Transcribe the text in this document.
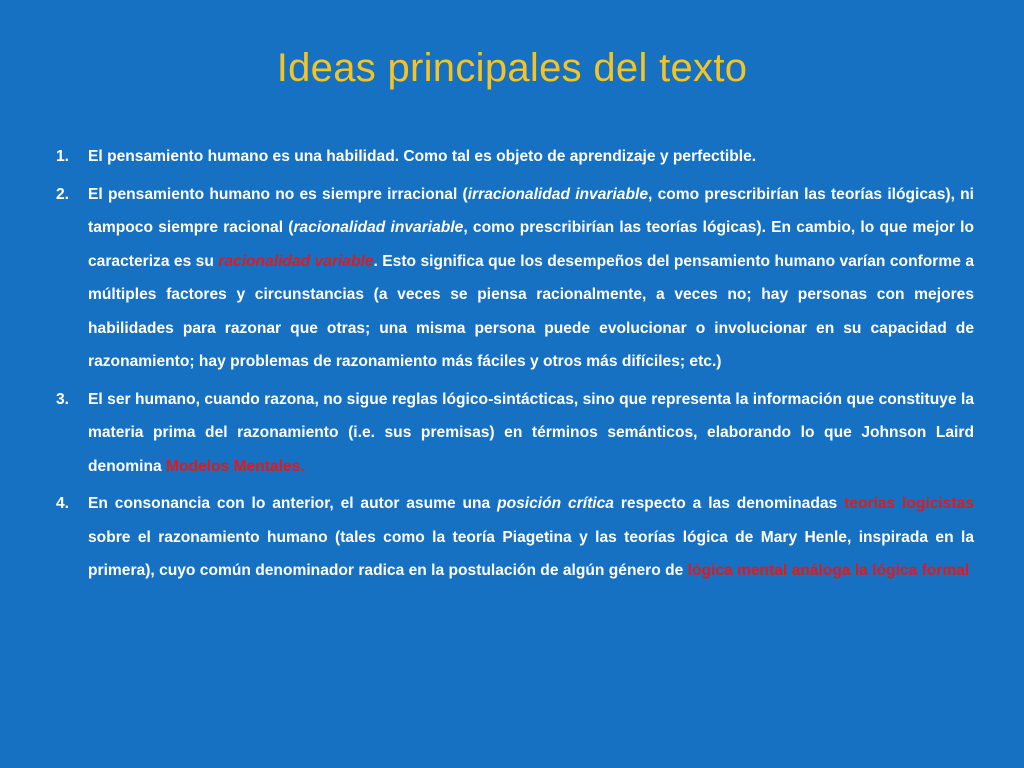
Ideas principales del texto
1.	El pensamiento humano es una habilidad. Como tal es objeto de aprendizaje y perfectible.
2.	El pensamiento humano no es siempre irracional (irracionalidad invariable, como prescribirían las teorías ilógicas), ni tampoco siempre racional (racionalidad invariable, como prescribirían las teorías lógicas). En cambio, lo que mejor lo caracteriza es su racionalidad variable. Esto significa que los desempeños del pensamiento humano varían conforme a múltiples factores y circunstancias (a veces se piensa racionalmente, a veces no; hay personas con mejores habilidades para razonar que otras; una misma persona puede evolucionar o involucionar en su capacidad de razonamiento; hay problemas de razonamiento más fáciles y otros más difíciles; etc.)
3.	El ser humano, cuando razona, no sigue reglas lógico-sintácticas, sino que representa la información que constituye la materia prima del razonamiento (i.e. sus premisas) en términos semánticos, elaborando lo que Johnson Laird denomina Modelos Mentales.
4.	En consonancia con lo anterior, el autor asume una posición crítica respecto a las denominadas teorías logicistas sobre el razonamiento humano (tales como la teoría Piagetina y las teorías lógica de Mary Henle, inspirada en la primera), cuyo común denominador radica en la postulación de algún género de lógica mental análoga la lógica formal
